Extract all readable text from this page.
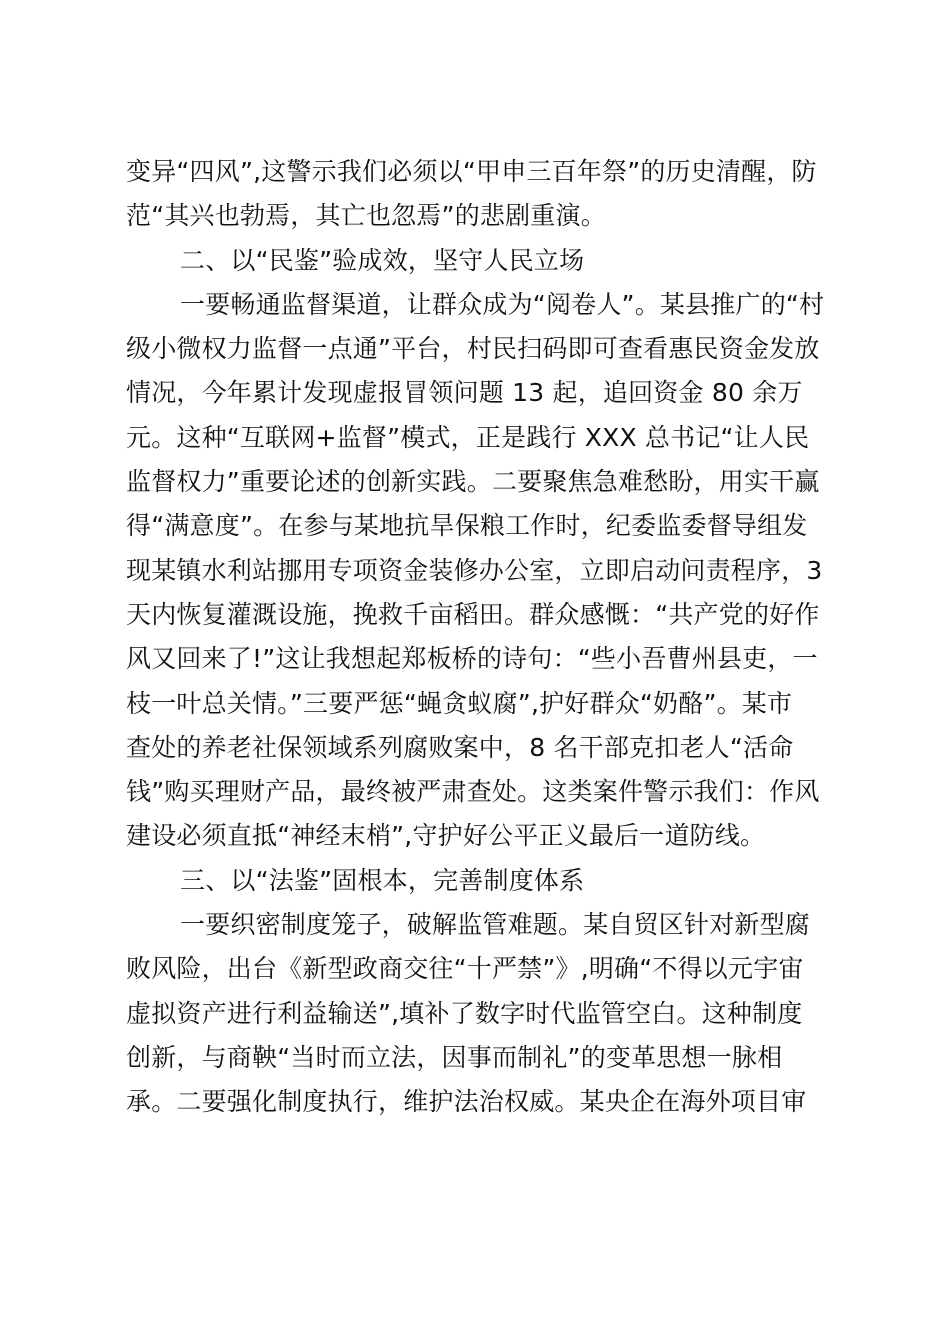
变异“四风”,这警示我们必须以“甲申三百年祭”的历史清醒，防
范“其兴也勃焉，其亡也忽焉”的悲剧重演。
二、以“民鉴”验成效，坚守人民立场
一要畅通监督渠道，让群众成为“阅卷人”。某县推广的“村
级小微权力监督一点通”平台，村民扫码即可查看惠民资金发放
情况，今年累计发现虚报冒领问题 13 起，追回资金 80 余万
元。这种“互联网+监督”模式，正是践行 XXX 总书记“让人民
监督权力”重要论述的创新实践。二要聚焦急难愁盼，用实干赢
得“满意度”。在参与某地抗旱保粮工作时，纪委监委督导组发
现某镇水利站挪用专项资金装修办公室，立即启动问责程序，3
天内恢复灌溉设施，挽救千亩稻田。群众感慨：“共产党的好作
风又回来了!”这让我想起郑板桥的诗句：“些小吾曹州县吏，一
枝一叶总关情。”三要严惩“蝇贪蚁腐”,护好群众“奶酪”。某市
查处的养老社保领域系列腐败案中，8 名干部克扣老人“活命
钱”购买理财产品，最终被严肃查处。这类案件警示我们：作风
建设必须直抵“神经末梢”,守护好公平正义最后一道防线。
三、以“法鉴”固根本，完善制度体系
一要织密制度笼子，破解监管难题。某自贸区针对新型腐
败风险，出台《新型政商交往“十严禁”》,明确“不得以元宇宙
虚拟资产进行利益输送”,填补了数字时代监管空白。这种制度
创新，与商鞅“当时而立法，因事而制礼”的变革思想一脉相
承。二要强化制度执行，维护法治权威。某央企在海外项目审
